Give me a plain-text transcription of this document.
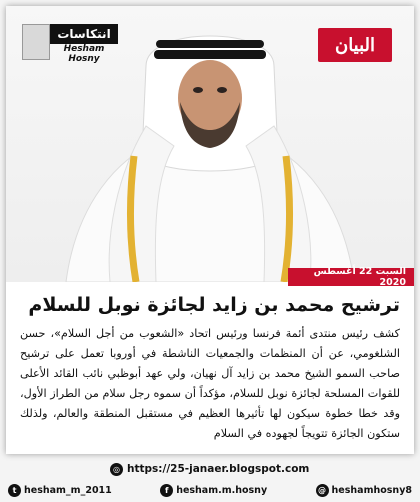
البيان
انتكاسات
Hesham Hosny
السبت 22 أغسطس 2020
ترشيح محمد بن زايد لجائزة نوبل للسلام
كشف رئيس منتدى أئمة فرنسا ورئيس اتحاد «الشعوب من أجل السلام»، حسن الشلغومي، عن أن المنظمات والجمعيات الناشطة في أوروبا تعمل على ترشيح صاحب السمو الشيخ محمد بن زايد آل نهيان، ولي عهد أبوظبي نائب القائد الأعلى للقوات المسلحة لجائزة نوبل للسلام، مؤكداً أن سموه رجل سلام من الطراز الأول، وقد خطا خطوة سيكون لها تأثيرها العظيم في مستقبل المنطقة والعالم، ولذلك ستكون الجائزة تتويجاً لجهوده في السلام
◎ https://25-janaer.blogspot.com
t hesham_m_2011	f hesham.m.hosny	@ heshamhosny8
